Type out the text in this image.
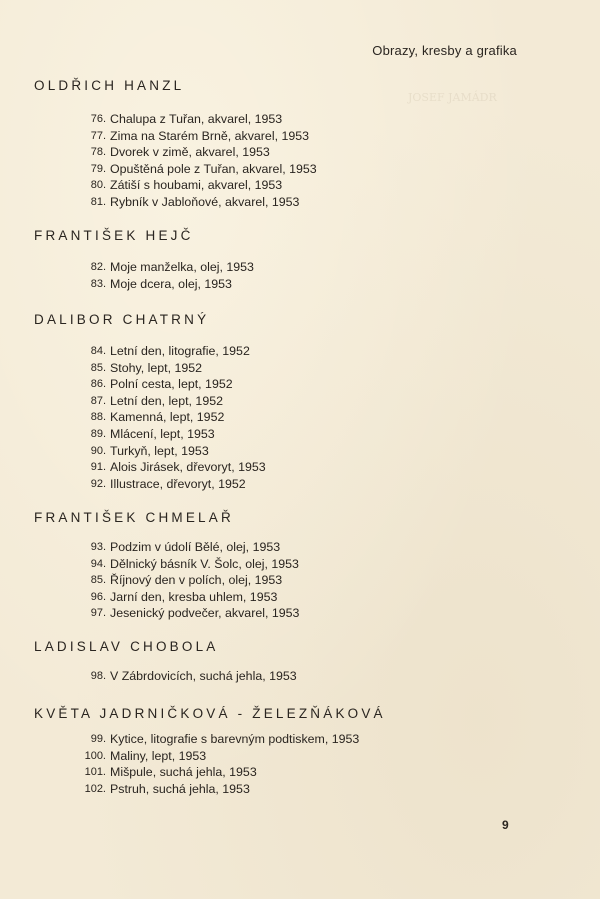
JOSEF JAMÁDR
Obrazy, kresby a grafika
OLDŘICH HANZL
76. Chalupa z Tuřan, akvarel, 1953
77. Zima na Starém Brně, akvarel, 1953
78. Dvorek v zimě, akvarel, 1953
79. Opuštěná pole z Tuřan, akvarel, 1953
80. Zátiší s houbami, akvarel, 1953
81. Rybník v Jabloňové, akvarel, 1953
FRANTIŠEK HEJČ
82. Moje manželka, olej, 1953
83. Moje dcera, olej, 1953
DALIBOR CHATRNÝ
84. Letní den, litografie, 1952
85. Stohy, lept, 1952
86. Polní cesta, lept, 1952
87. Letní den, lept, 1952
88. Kamenná, lept, 1952
89. Mlácení, lept, 1953
90. Turkyň, lept, 1953
91. Alois Jirásek, dřevoryt, 1953
92. Illustrace, dřevoryt, 1952
FRANTIŠEK CHMELAŘ
93. Podzim v údolí Bělé, olej, 1953
94. Dělnický básník V. Šolc, olej, 1953
85. Říjnový den v polích, olej, 1953
96. Jarní den, kresba uhlem, 1953
97. Jesenický podvečer, akvarel, 1953
LADISLAV CHOBOLA
98. V Zábrdovicích, suchá jehla, 1953
KVĚTA JADRNIČKOVÁ - ŽELEZŇÁKOVÁ
99. Kytice, litografie s barevným podtiskem, 1953
100. Maliny, lept, 1953
101. Mišpule, suchá jehla, 1953
102. Pstruh, suchá jehla, 1953
9
